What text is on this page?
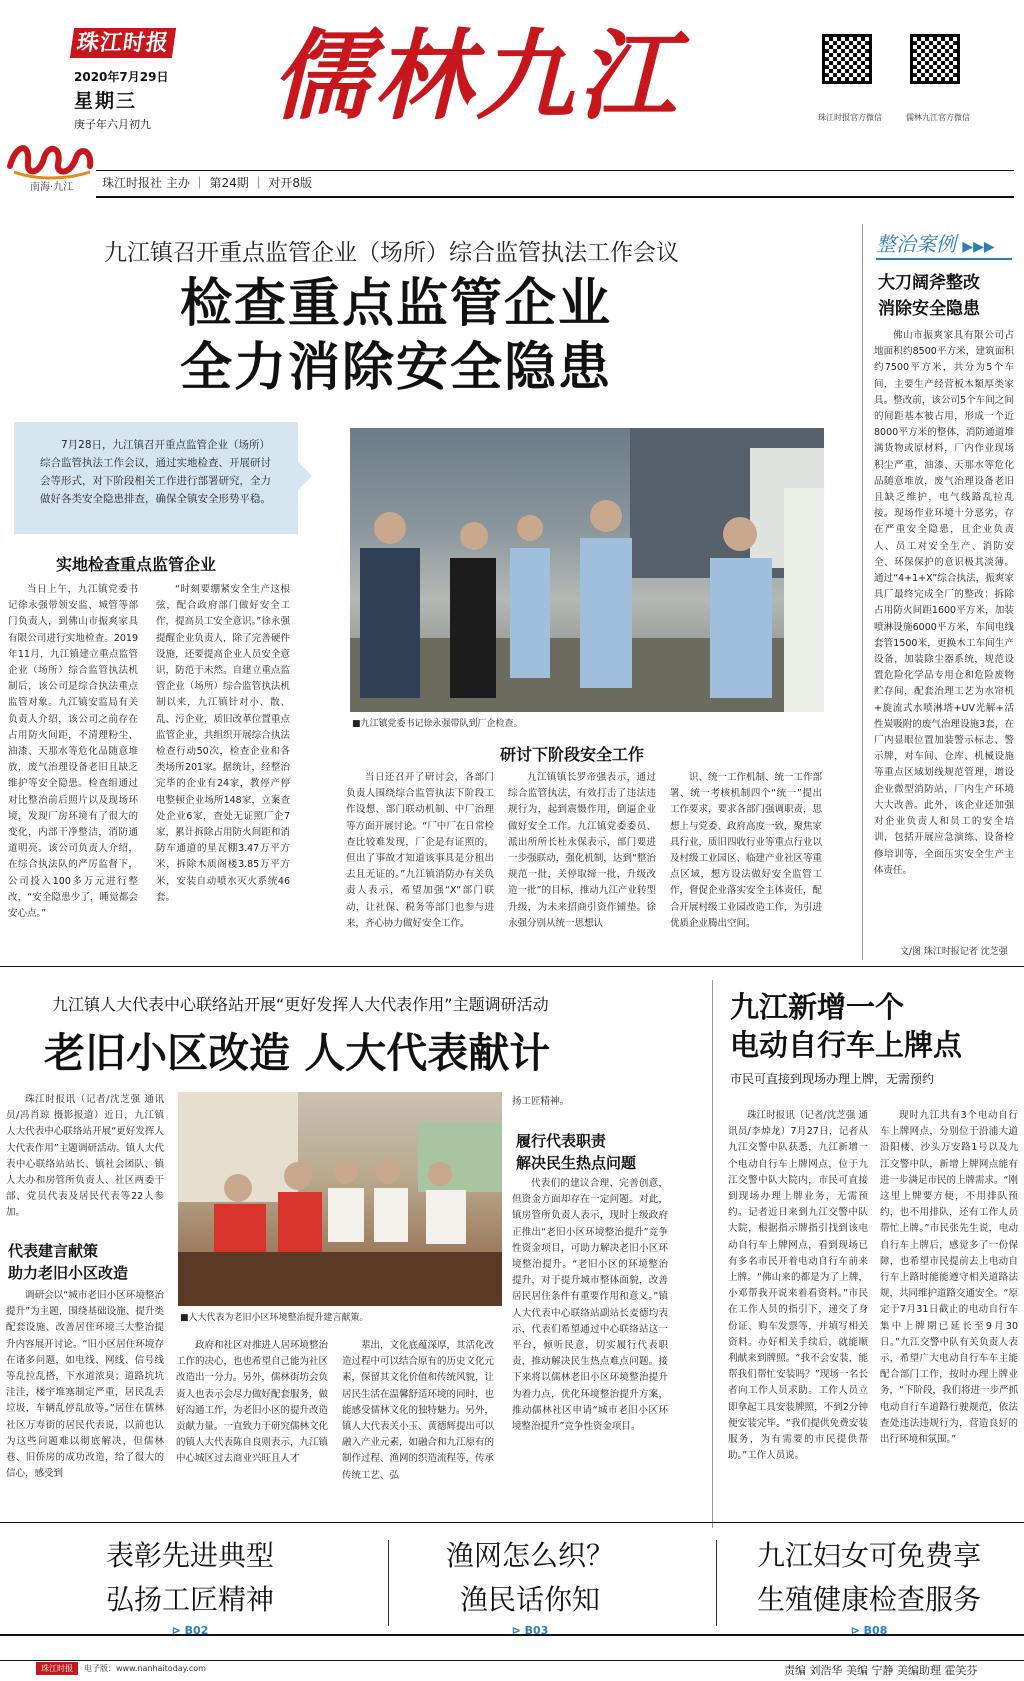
珠江时报
2020年7月29日
星期三
庚子年六月初九 儒林九江	珠江时报官方微信	儒林九江官方微信
南海·九江 珠江时报社 主办 ｜ 第24期 ｜ 对开8版
九江镇召开重点监管企业（场所）综合监管执法工作会议
检查重点监管企业
全力消除安全隐患
7月28日，九江镇召开重点监管企业（场所）综合监管执法工作会议，通过实地检查、开展研讨会等形式，对下阶段相关工作进行部署研究，全力做好各类安全隐患排查，确保全镇安全形势平稳。
实地检查重点监管企业
当日上午，九江镇党委书记徐永强带领安监、城管等部门负责人，到佛山市振爽家具有限公司进行实地检查。2019年11月，九江镇建立重点监管企业（场所）综合监管执法机制后，该公司是综合执法重点监管对象。九江镇安监局有关负责人介绍，该公司之前存在占用防火间距，不清理粉尘、油漆、天那水等危化品随意堆放，废气治理设备老旧且缺乏维护等安全隐患。检查组通过对比整治前后照片以及现场环境，发现厂房环境有了很大的变化，内部干净整洁，消防通道明亮。该公司负责人介绍，在综合执法队的严厉监督下，公司投入100多万元进行整改，“安全隐患少了，睡觉都会安心点。”
“时刻要绷紧安全生产这根弦，配合政府部门做好安全工作，提高员工安全意识。”徐永强提醒企业负责人，除了完善硬件设施，还要提高企业人员安全意识，防范于未然。自建立重点监管企业（场所）综合监管执法机制以来，九江镇针对小、散、乱、污企业，质旧改革位置重点监管企业，共组织开展综合执法检查行动50次，检查企业和各类场所201家。据统计，经整治完毕的企业有24家，教停产停电整顿企业场所148家，立案查处企业6家，查处无证照厂企7家，累计拆除占用防火间距和消防车通道的星瓦棚3.47万平方米，拆除木质阁楼3.85万平方米，安装自动喷水灭火系统46套。
■九江镇党委书记徐永强带队到厂企检查。
研讨下阶段安全工作
当日还召开了研讨会，各部门负责人围绕综合监管执法下阶段工作设想、部门联动机制、中厂治理等方面开展讨论。“厂中厂在日常检查比较难发现，厂企是有证照的，但出了事故才知道该事具是分租出去且无证的。”九江镇消防办有关负责人表示，希望加强“X”部门联动，让社保、税务等部门也参与进来，齐心协力做好安全工作。
九江镇镇长罗帝强表示，通过综合监管执法，有效打击了违法违规行为，起到震慑作用，倒逼企业做好安全工作。九江镇党委委员、派出所所长杜永保表示，部门要进一步强联动，强化机制，达到“整治规范一批，关停取缔一批，升级改造一批”的目标，推动九江产业转型升级，为未来招商引资作铺垫。徐永强分别从统一思想认
识、统一工作机制、统一工作部署、统一考核机制四个“统一”提出工作要求，要求各部门强调职责，思想上与党委、政府高度一致，聚焦家具行业，质旧四收行业等重点行业以及村级工业园区、临建产业社区等重点区域，想方设法做好安全监管工作，督促企业落实安全主体责任，配合开展村级工业园改造工作，为引进优质企业腾出空间。
整治案例 ▶▶▶
大刀阔斧整改
消除安全隐患
佛山市振爽家具有限公司占地面积约8500平方米，建筑面积约7500平方米，共分为5个车间，主要生产经营板木類厚类家具。整改前，该公司5个车间之间的间距基本被占用，形成一个近8000平方米的整体，消防通道堆满货物或原材料，厂内作业现场积尘严重，油漆、天那水等危化品随意堆放，废气治理设备老旧且缺乏维护，电气线路乱拉乱接。现场作业环境十分恶劣，存在严重安全隐患，且企业负责人、员工对安全生产、消防安全、环保保护的意识极其淡薄。通过“4+1+X”综合执法，振爽家具厂最终完成全厂的整改：拆除占用防火间距1600平方米，加装喷淋设施6000平方米，车间电线套管1500米，更换木工车间生产设备，加装除尘器系统，规范设置危险化学品专用仓和危险废物贮存间，配套治理工艺为水帘机+旋流式水喷淋塔+UV光解+活性炭吸附的废气治理设施3套，在厂内显眼位置加装警示标志、警示牌，对车间、仓库、机械设施等重点区域划线规范管理，增设企业微型消防站，厂内生产环境大大改善。此外，该企业还加强对企业负责人和员工的安全培训，包括开展应急演练、设备检修培训等，全面压实安全生产主体责任。
文/图 珠江时报记者 沈芝强
九江镇人大代表中心联络站开展“更好发挥人大代表作用”主题调研活动
老旧小区改造 人大代表献计
珠江时报讯（记者/沈芝强 通讯员/冯肖琼 摄影报道）近日，九江镇人大代表中心联络站开展“更好发挥人大代表作用”主题调研活动。镇人大代表中心联络站站长、镇社会团队、镇人大办和房管所负责人、社区两委干部、党员代表及居民代表等22人参加。
代表建言献策
助力老旧小区改造
调研会以“城市老旧小区环境整治提升”为主题，围绕基础设施、提升类配套设施、改善居住环境三大整治提升内容展开讨论。“旧小区居住环境存在诸多问题，如电线、网线、信号线等乱拉乱搭，下水道浓臭；道路坑坑洼洼，楼宇堆塞制定严重，居民乱丢垃圾，车辆乱停乱放等。”居住在儒林社区万寿街的居民代表说，以前也认为这些问题难以彻底解决，但儒林巷、旧侨房的成功改造，给了很大的信心，感受到
■人大代表为老旧小区环境整治提升建言献策。
政府和社区对推进人居环境整治工作的决心，也也希望自己能为社区改造出一分力。另外，儒林街坊会负责人也表示会尽力做好配套服务，做好沟通工作，为老旧小区的提升改造贡献力量。一直致力于研究儒林文化的镇人大代表陈自良则表示，九江镇中心城区过去商业兴旺且人才
辈出，文化底蕴深厚，其活化改造过程中可以结合原有的历史文化元素，保留其文化价值和传统风貌，让居民生活在温馨舒适环境的同时，也能感受儒林文化的独特魅力。另外，镇人大代表关小玉、黄德辉提出可以融入产业元素，如融合和九江原有的制作过程、渔网的织造流程等，传承传统工艺、弘
扬工匠精神。
履行代表职责
解决民生热点问题
代表们的建议合理、完善创意，但资金方面却存在一定问题。对此，镇房管所负责人表示，现时上级政府正推出“老旧小区环境整治提升”竞争性资金项目，可助力解决老旧小区环境整治提升。“老旧小区的环境整治提升，对于提升城市整体面貌，改善居民居住条件有重要作用和意义。”镇人大代表中心联络站副站长麦德均表示，代表们希望通过中心联络站这一平台，倾听民意，切实履行代表职责，推动解决民生热点难点问题。接下来将以儒林老旧小区环境整治提升为着力点，优化环境整治提升方案，推动儒林社区申请“城市老旧小区环境整治提升”竞争性资金项目。
九江新增一个
电动自行车上牌点
市民可直接到现场办理上牌，无需预约
珠江时报讯（记者/沈芝强 通讯员/李焯龙）7月27日，记者从九江交警中队获悉，九江新增一个电动自行车上牌网点，位于九江交警中队大院内，市民可直接到现场办理上牌业务，无需预约。记者近日来到九江交警中队大院，根据指示牌指引找到该电动自行车上牌网点，看到现场已有多名市民开着电动自行车前来上牌。“佛山来的都是为了上牌，小邓帮我开说来着看资料。”市民在工作人员的指引下，递交了身份证、购车发票等，并填写相关资料。办好相关手续后，就能顺利献来到牌照。“我不会安装，能帮我们帮忙安装吗？”现场一名长者向工作人员求助。工作人员立即拿起工具安装牌照，不到2分钟便安装完毕。“我们提供免费安装服务，为有需要的市民提供帮助。”工作人员说。
现时九江共有3个电动自行车上牌网点，分别位于沿浦大道沿阳楼、沙头万安路1号以及九江交警中队，新增上牌网点能有进一步满足市民的上牌需求。“刚这里上牌要方便，不用排队预约，也不用排队，还有工作人员帮忙上牌。”市民张先生说，电动自行车上牌后，感觉多了一份保障，也希望市民提前去上电动自行车上路时能能遵守相关道路法规，共同维护道路交通安全。“原定于7月31日截止的电动自行车集中上牌期已延长至9月30日。”九江交警中队有关负责人表示，希望广大电动自行车车主能配合部门工作，按时办理上牌业务，“下阶段，我们将进一步严抓电动自行车道路行驶规范，依法查处违法违规行为，营造良好的出行环境和氛围。”
表彰先进典型
弘扬工匠精神
⊳ B02
渔网怎么织？
渔民话你知
⊳ B03
九江妇女可免费享
生殖健康检查服务
⊳ B08
珠江时报	电子版：www.nanhaitoday.com	责编 刘浩华 美编 宁静 美编助理 霍笑芬
